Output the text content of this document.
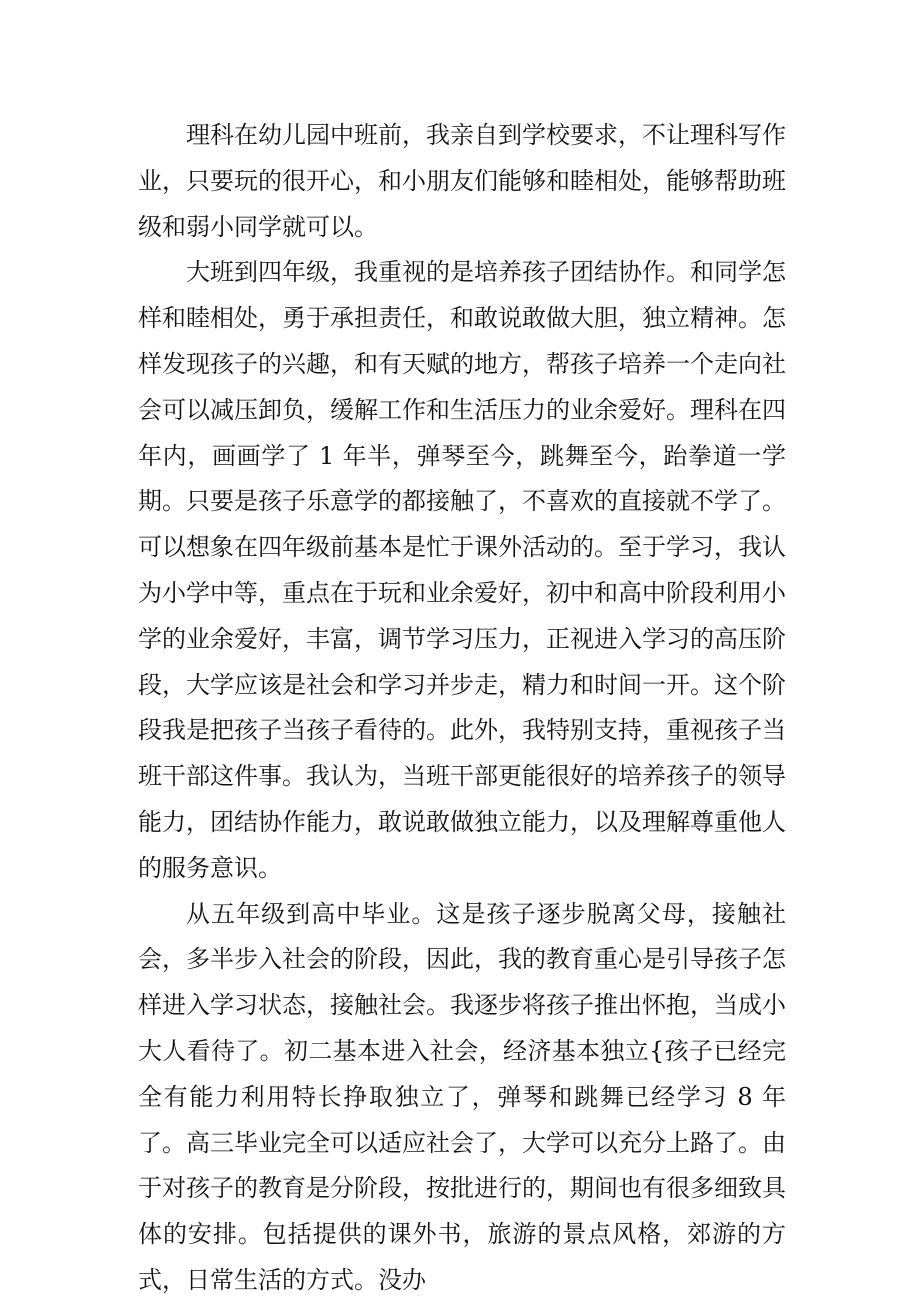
理科在幼儿园中班前，我亲自到学校要求，不让理科写作业，只要玩的很开心，和小朋友们能够和睦相处，能够帮助班级和弱小同学就可以。

大班到四年级，我重视的是培养孩子团结协作。和同学怎样和睦相处，勇于承担责任，和敢说敢做大胆，独立精神。怎样发现孩子的兴趣，和有天赋的地方，帮孩子培养一个走向社会可以减压卸负，缓解工作和生活压力的业余爱好。理科在四年内，画画学了 1 年半，弹琴至今，跳舞至今，跆拳道一学期。只要是孩子乐意学的都接触了，不喜欢的直接就不学了。可以想象在四年级前基本是忙于课外活动的。至于学习，我认为小学中等，重点在于玩和业余爱好，初中和高中阶段利用小学的业余爱好，丰富，调节学习压力，正视进入学习的高压阶段，大学应该是社会和学习并步走，精力和时间一开。这个阶段我是把孩子当孩子看待的。此外，我特别支持，重视孩子当班干部这件事。我认为，当班干部更能很好的培养孩子的领导能力，团结协作能力，敢说敢做独立能力，以及理解尊重他人的服务意识。

从五年级到高中毕业。这是孩子逐步脱离父母，接触社会，多半步入社会的阶段，因此，我的教育重心是引导孩子怎样进入学习状态，接触社会。我逐步将孩子推出怀抱，当成小大人看待了。初二基本进入社会，经济基本独立{孩子已经完全有能力利用特长挣取独立了，弹琴和跳舞已经学习 8 年了。高三毕业完全可以适应社会了，大学可以充分上路了。由于对孩子的教育是分阶段，按批进行的，期间也有很多细致具体的安排。包括提供的课外书，旅游的景点风格，郊游的方式，日常生活的方式。没办
